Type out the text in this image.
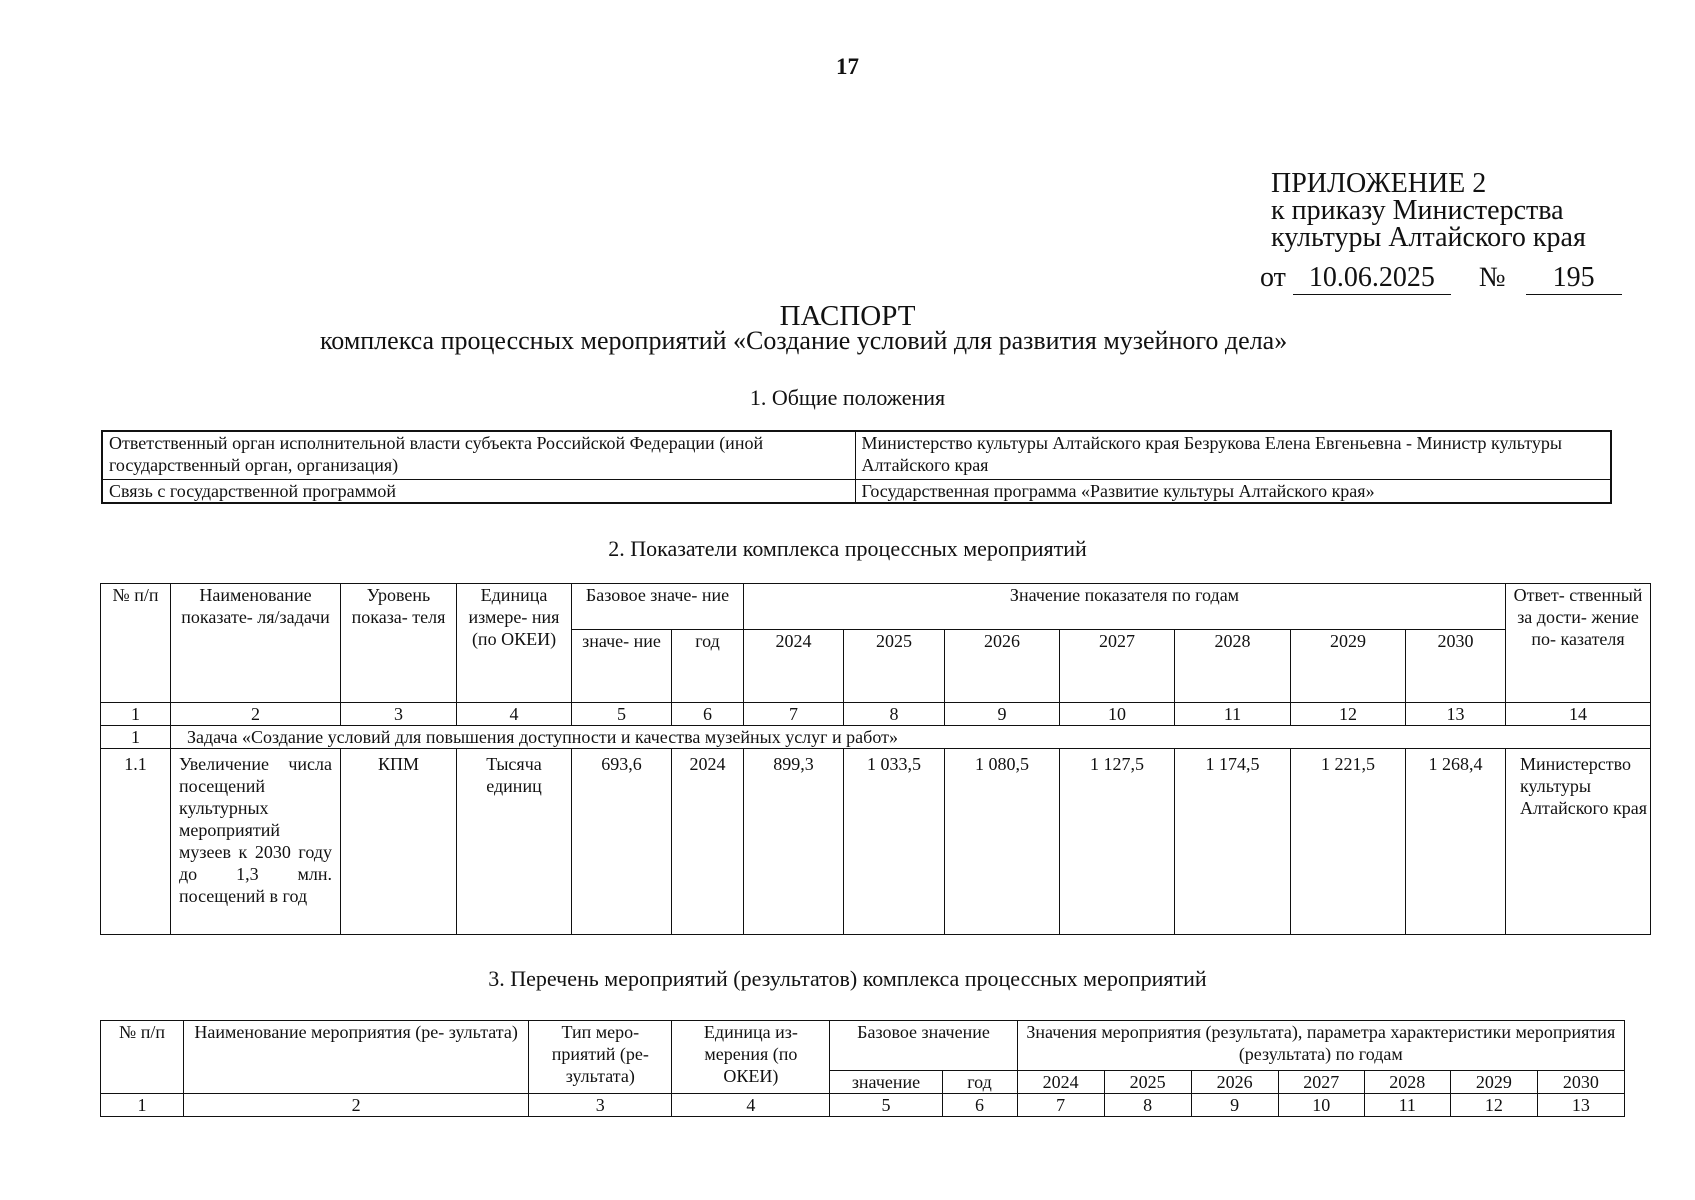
17
ПРИЛОЖЕНИЕ 2
к приказу Министерства
культуры Алтайского края
от 10.06.2025 № 195
ПАСПОРТ
комплекса процессных мероприятий «Создание условий для развития музейного дела»
1. Общие положения
Ответственный орган исполнительной власти субъекта Российской Федерации (иной государственный орган, организация)	Министерство культуры Алтайского края Безрукова Елена Евгеньевна - Министр культуры Алтайского края
Связь с государственной программой	Государственная программа «Развитие культуры Алтайского края»
2. Показатели комплекса процессных мероприятий
№ п/п	Наименование показате- ля/задачи	Уровень показа- теля	Единица измере- ния (по ОКЕИ)	Базовое значе- ние		Значение показателя по годам							Ответ- ственный за дости- жение по- казателя
				значе- ние	год	2024	2025	2026	2027	2028	2029	2030	
1	2	3	4	5	6	7	8	9	10	11	12	13	14
1	Задача «Создание условий для повышения доступности и качества музейных услуг и работ»												
1.1	Увеличение числа посещений культурных мероприятий музеев к 2030 году до 1,3 млн. посещений в год	КПМ	Тысяча единиц	693,6	2024	899,3	1 033,5	1 080,5	1 127,5	1 174,5	1 221,5	1 268,4	Министерство культуры Алтайского края
3. Перечень мероприятий (результатов) комплекса процессных мероприятий
№ п/п	Наименование мероприятия (ре- зультата)	Тип меро- приятий (ре- зультата)	Единица из- мерения (по ОКЕИ)	Базовое значение		Значения мероприятия (результата), параметра характеристики мероприятия (результата) по годам						
				значение	год	2024	2025	2026	2027	2028	2029	2030
1	2	3	4	5	6	7	8	9	10	11	12	13
